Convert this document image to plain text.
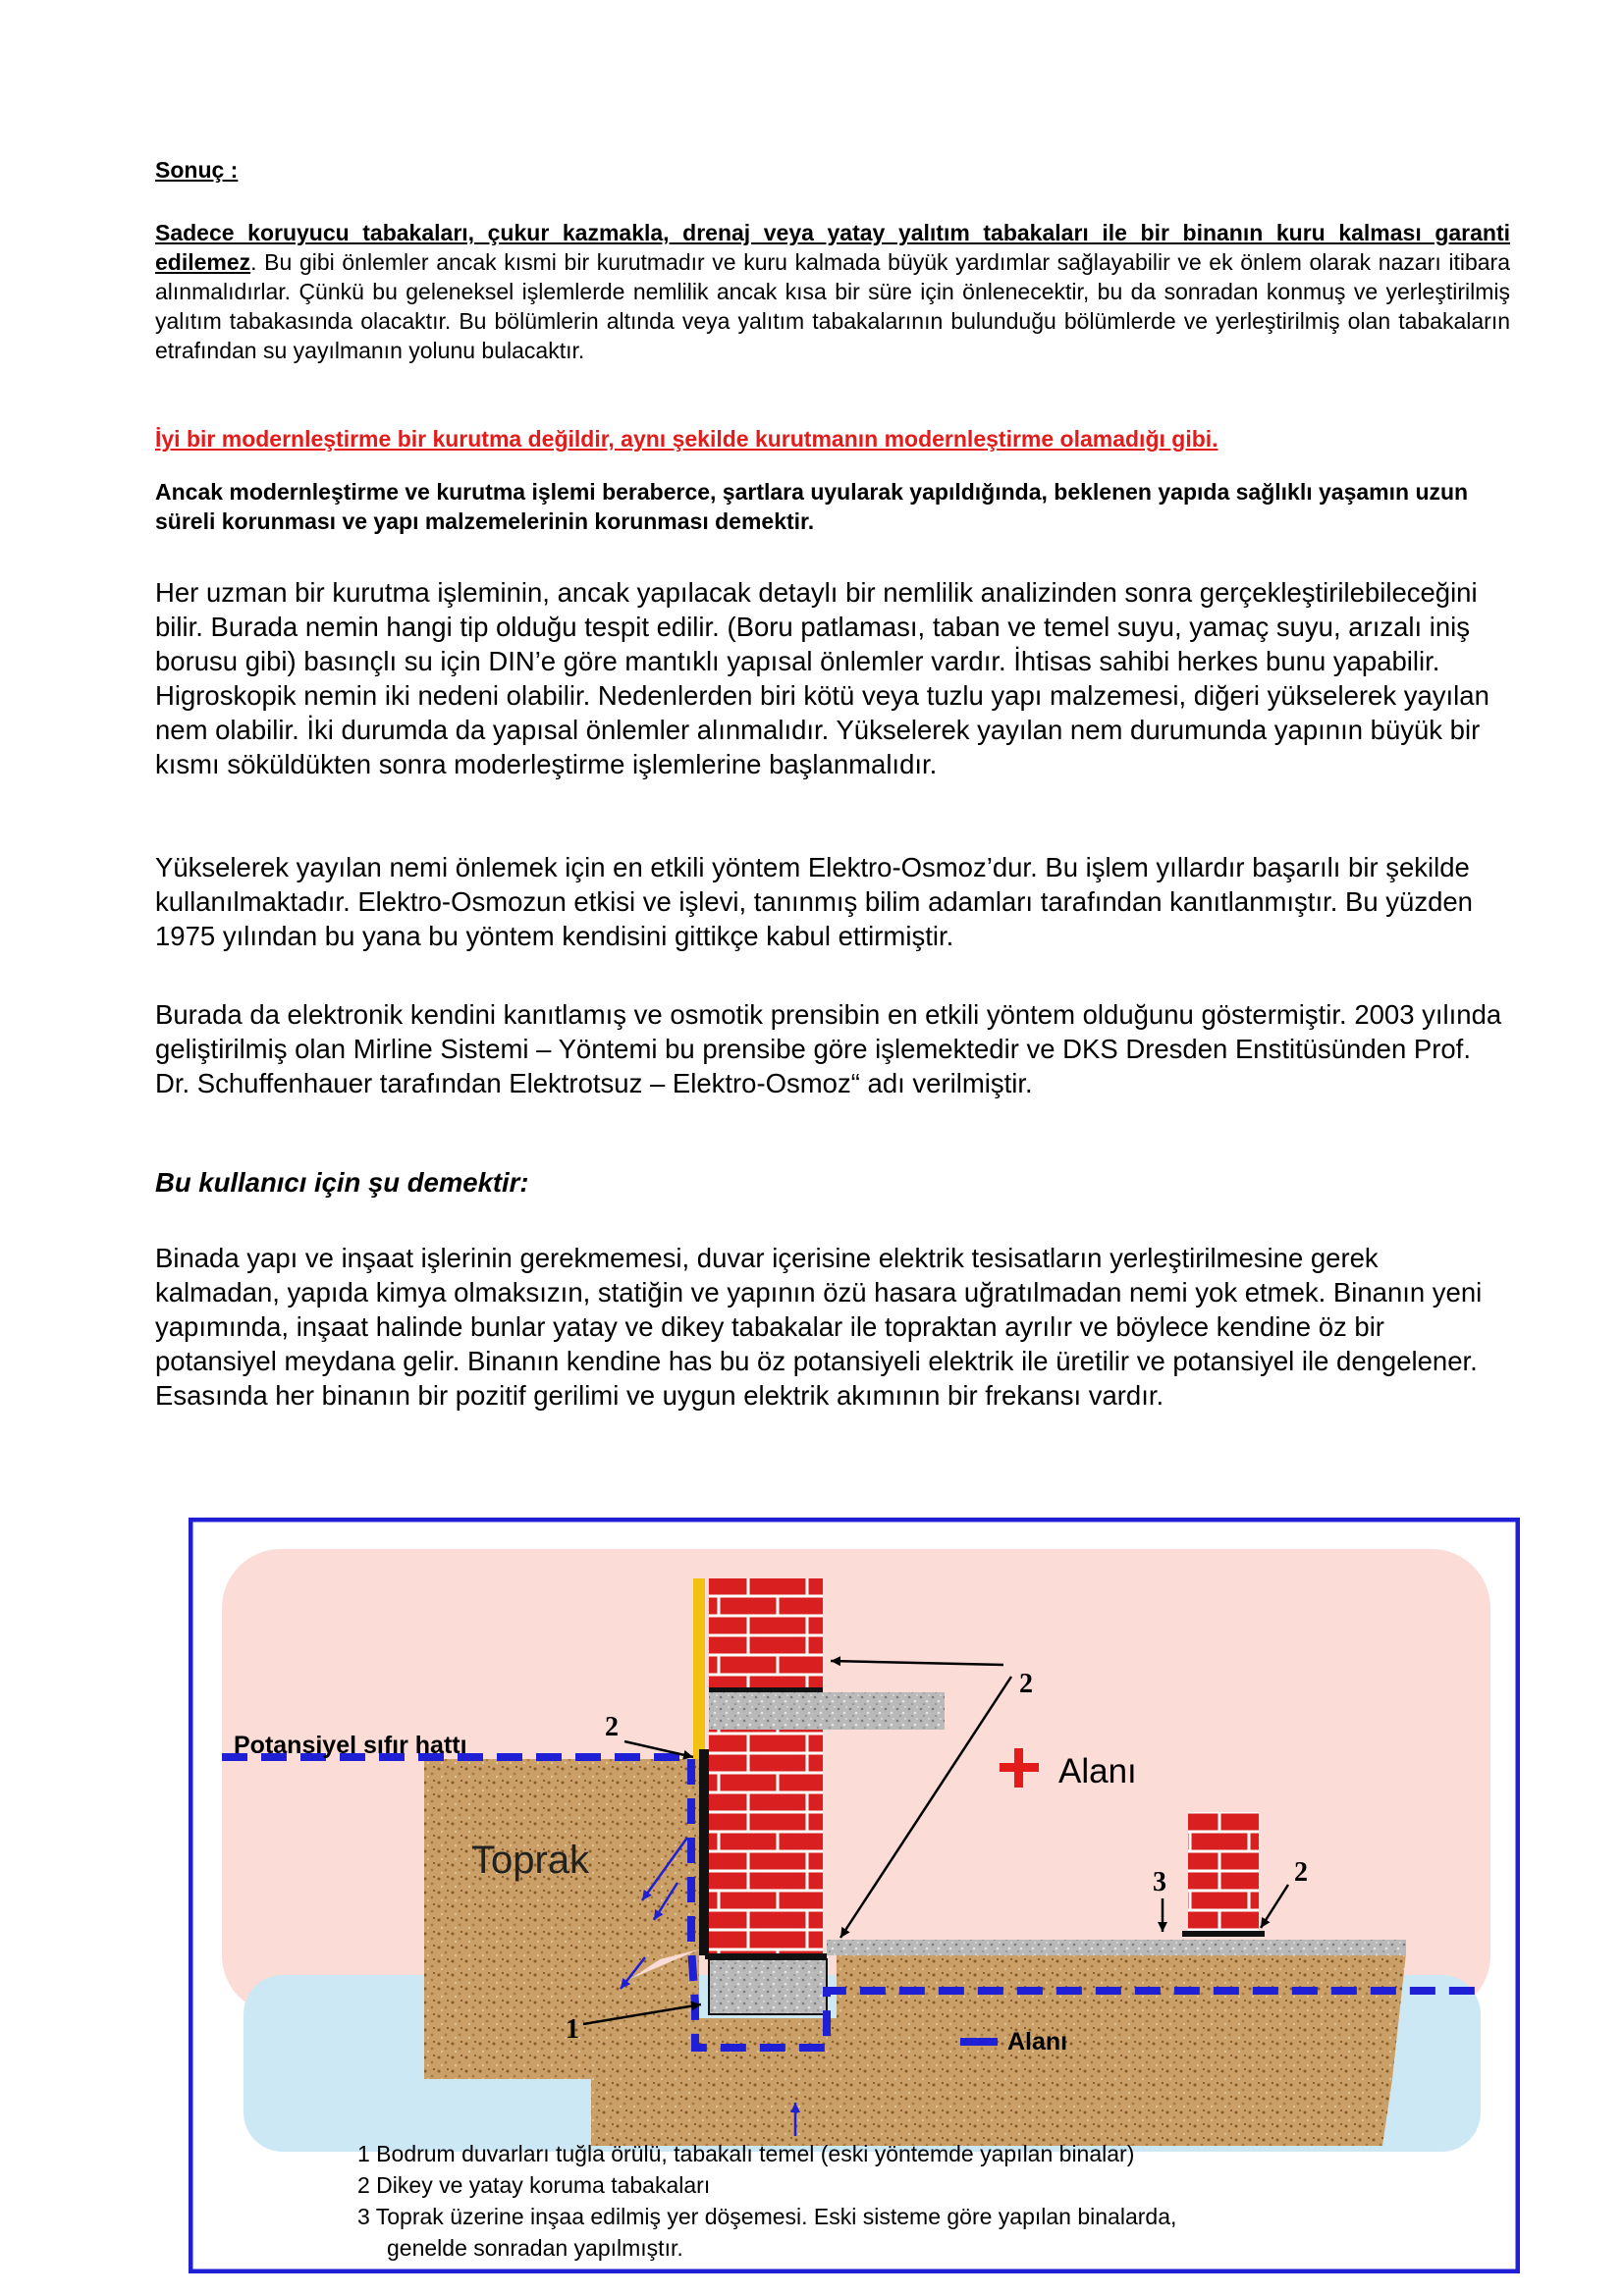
Sonuç :
Sadece koruyucu tabakaları, çukur kazmakla, drenaj veya yatay yalıtım tabakaları ile bir binanın kuru kalması garanti edilemez. Bu gibi önlemler ancak kısmi bir kurutmadır ve kuru kalmada büyük yardımlar sağlayabilir ve ek önlem olarak nazarı itibara alınmalıdırlar. Çünkü bu geleneksel işlemlerde nemlilik ancak kısa bir süre için önlenecektir, bu da sonradan konmuş ve yerleştirilmiş yalıtım tabakasında olacaktır. Bu bölümlerin altında veya yalıtım tabakalarının bulunduğu bölümlerde ve yerleştirilmiş olan tabakaların etrafından su yayılmanın yolunu bulacaktır.
İyi bir modernleştirme bir kurutma değildir, aynı şekilde kurutmanın modernleştirme olamadığı gibi.
Ancak modernleştirme ve kurutma işlemi beraberce, şartlara uyularak yapıldığında, beklenen yapıda sağlıklı yaşamın uzun süreli korunması ve yapı malzemelerinin korunması demektir.
Her uzman bir kurutma işleminin, ancak yapılacak detaylı bir nemlilik analizinden sonra gerçekleştirilebileceğini bilir. Burada nemin hangi tip olduğu tespit edilir. (Boru patlaması, taban ve temel suyu, yamaç suyu, arızalı iniş borusu gibi) basınçlı su için DIN’e göre mantıklı yapısal önlemler vardır. İhtisas sahibi herkes bunu yapabilir. Higroskopik nemin iki nedeni olabilir. Nedenlerden biri kötü veya tuzlu yapı malzemesi, diğeri yükselerek yayılan nem olabilir. İki durumda da yapısal önlemler alınmalıdır. Yükselerek yayılan nem durumunda yapının büyük bir kısmı söküldükten sonra moderleştirme işlemlerine başlanmalıdır.
Yükselerek yayılan nemi önlemek için en etkili yöntem Elektro-Osmoz’dur. Bu işlem yıllardır başarılı bir şekilde kullanılmaktadır. Elektro-Osmozun etkisi ve işlevi, tanınmış bilim adamları tarafından kanıtlanmıştır. Bu yüzden 1975 yılından bu yana bu yöntem kendisini gittikçe kabul ettirmiştir.
Burada da elektronik kendini kanıtlamış ve osmotik prensibin en etkili yöntem olduğunu göstermiştir. 2003 yılında geliştirilmiş olan Mirline Sistemi – Yöntemi bu prensibe göre işlemektedir ve DKS Dresden Enstitüsünden Prof. Dr. Schuffenhauer tarafından Elektrotsuz – Elektro-Osmoz“ adı verilmiştir.
Bu kullanıcı için şu demektir:
Binada yapı ve inşaat işlerinin gerekmemesi, duvar içerisine elektrik tesisatların yerleştirilmesine gerek kalmadan, yapıda kimya olmaksızın, statiğin ve yapının özü hasara uğratılmadan nemi yok etmek. Binanın yeni yapımında, inşaat halinde bunlar yatay ve dikey tabakalar ile topraktan ayrılır ve böylece kendine öz bir potansiyel meydana gelir. Binanın kendine has bu öz potansiyeli elektrik ile üretilir ve potansiyel ile dengelener. Esasında her binanın bir pozitif gerilimi ve uygun elektrik akımının bir frekansı vardır.
Potansiyel sıfır hattı
Toprak
Alanı
Alanı
2
2
2
3
1
1 Bodrum duvarları tuğla örülü, tabakalı temel (eski yöntemde yapılan binalar)
2 Dikey ve yatay koruma tabakaları
3 Toprak üzerine inşaa edilmiş yer döşemesi. Eski sisteme göre yapılan binalarda,
genelde sonradan yapılmıştır.
